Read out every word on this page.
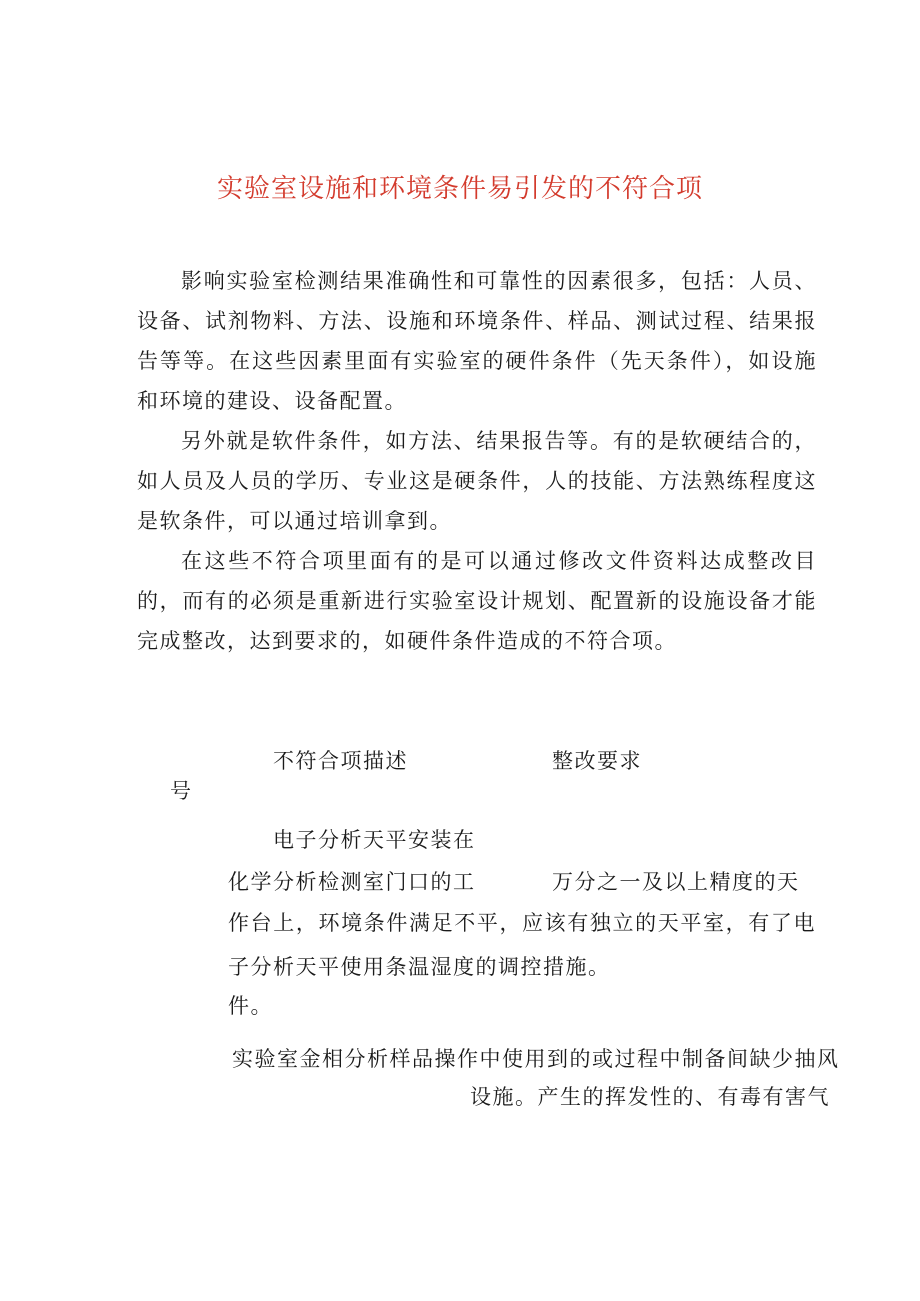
实验室设施和环境条件易引发的不符合项

影响实验室检测结果准确性和可靠性的因素很多，包括：人员、设备、试剂物料、方法、设施和环境条件、样品、测试过程、结果报告等等。在这些因素里面有实验室的硬件条件（先天条件），如设施和环境的建设、设备配置。

另外就是软件条件，如方法、结果报告等。有的是软硬结合的，如人员及人员的学历、专业这是硬条件，人的技能、方法熟练程度这是软条件，可以通过培训拿到。

在这些不符合项里面有的是可以通过修改文件资料达成整改目的，而有的必须是重新进行实验室设计规划、配置新的设施设备才能完成整改，达到要求的，如硬件条件造成的不符合项。

不符合项描述	整改要求
号
电子分析天平安装在
化学分析检测室门口的工	万分之一及以上精度的天
作台上，环境条件满足不平，应该有独立的天平室，有了电子分析天平使用条温湿度的调控措施。
件。
实验室金相分析样品操作中使用到的或过程中制备间缺少抽风
设施。产生的挥发性的、有毒有害气
